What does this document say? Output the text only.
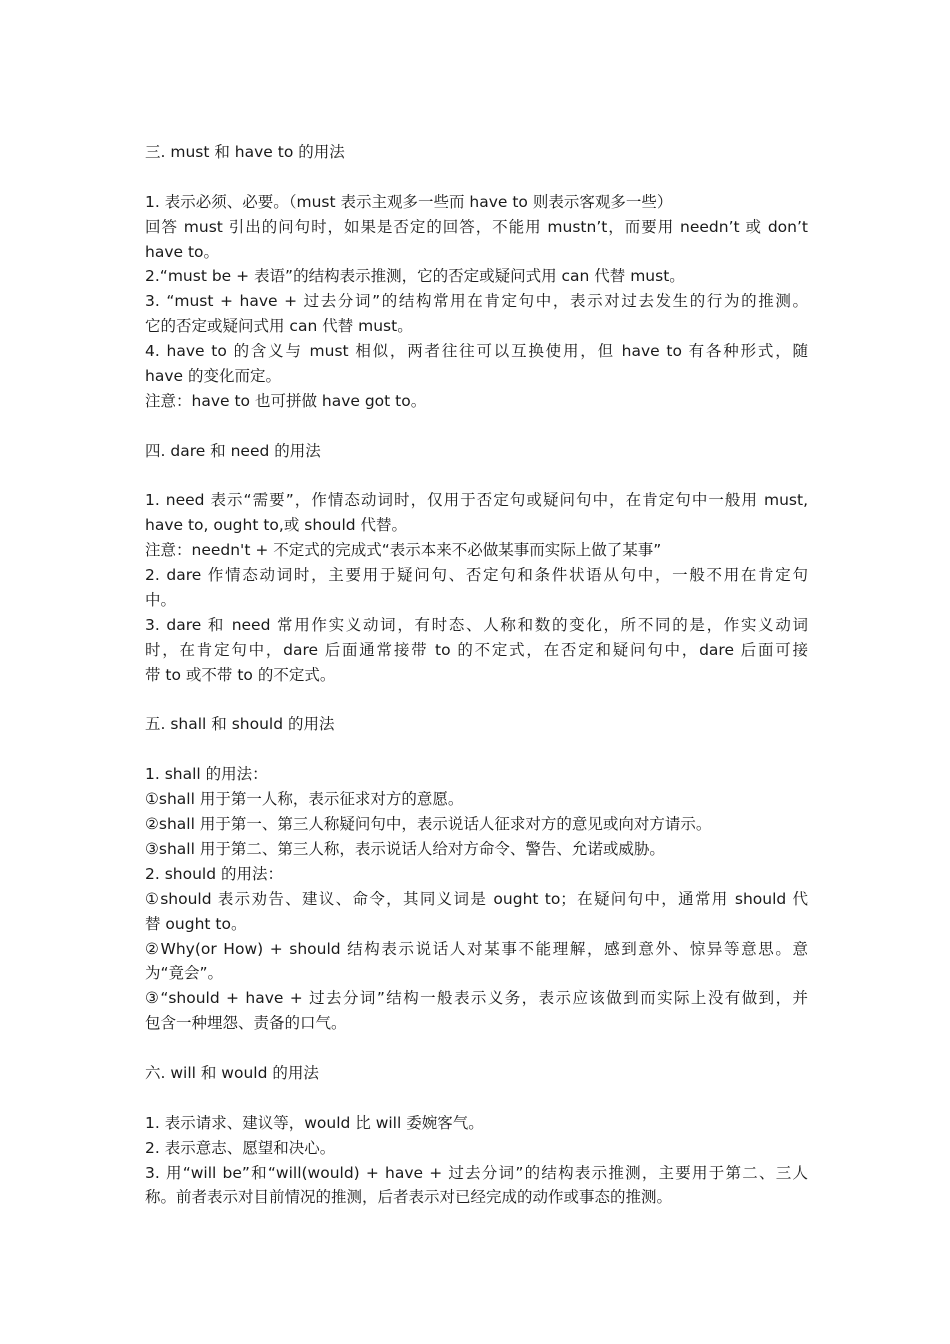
三. must 和 have to 的用法
1. 表示必须、必要。（must 表示主观多一些而 have to 则表示客观多一些）
回答 must 引出的问句时，如果是否定的回答，不能用 mustn’t，而要用 needn’t 或 don’t
have to。
2.“must be + 表语”的结构表示推测，它的否定或疑问式用 can 代替 must。
3. “must + have + 过去分词”的结构常用在肯定句中，表示对过去发生的行为的推测。
它的否定或疑问式用 can 代替 must。
4. have to 的含义与 must 相似，两者往往可以互换使用，但 have to 有各种形式，随
have 的变化而定。
注意：have to 也可拼做 have got to。
四. dare 和 need 的用法
1. need 表示“需要”，作情态动词时，仅用于否定句或疑问句中，在肯定句中一般用 must,
have to, ought to,或 should 代替。
注意：needn't + 不定式的完成式“表示本来不必做某事而实际上做了某事”
2. dare 作情态动词时，主要用于疑问句、否定句和条件状语从句中，一般不用在肯定句
中。
3. dare 和 need 常用作实义动词，有时态、人称和数的变化，所不同的是，作实义动词
时，在肯定句中，dare 后面通常接带 to 的不定式，在否定和疑问句中，dare 后面可接
带 to 或不带 to 的不定式。
五. shall 和 should 的用法
1. shall 的用法：
①shall 用于第一人称，表示征求对方的意愿。
②shall 用于第一、第三人称疑问句中，表示说话人征求对方的意见或向对方请示。
③shall 用于第二、第三人称，表示说话人给对方命令、警告、允诺或威胁。
2. should 的用法：
①should 表示劝告、建议、命令，其同义词是 ought to；在疑问句中，通常用 should 代
替 ought to。
②Why(or How) + should 结构表示说话人对某事不能理解，感到意外、惊异等意思。意
为“竟会”。
③“should + have + 过去分词”结构一般表示义务，表示应该做到而实际上没有做到，并
包含一种埋怨、责备的口气。
六. will 和 would 的用法
1. 表示请求、建议等，would 比 will 委婉客气。
2. 表示意志、愿望和决心。
3. 用“will be”和“will(would) + have + 过去分词”的结构表示推测，主要用于第二、三人
称。前者表示对目前情况的推测，后者表示对已经完成的动作或事态的推测。
